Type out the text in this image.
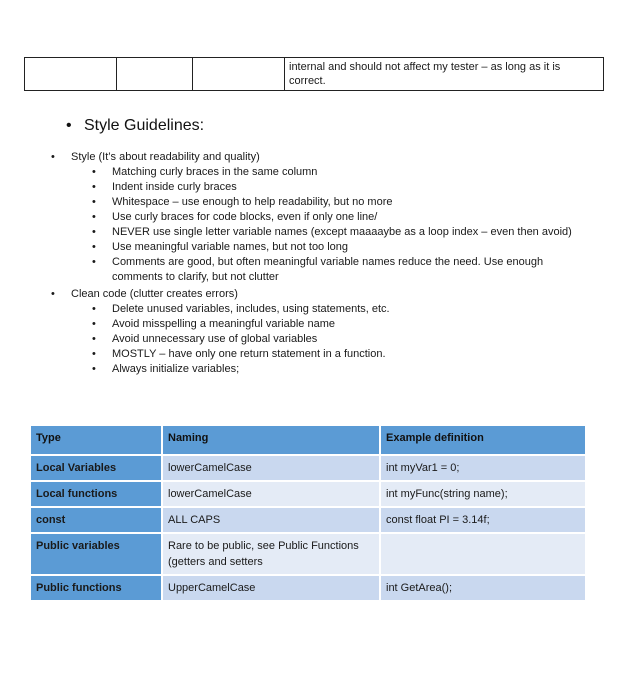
			internal and should not affect my tester – as long as it is correct.
• Style Guidelines:
• Style (It’s about readability and quality)
• Matching curly braces in the same column
• Indent inside curly braces
• Whitespace – use enough to help readability, but no more
• Use curly braces for code blocks, even if only one line/
• NEVER use single letter variable names (except maaaaybe as a loop index – even then avoid)
• Use meaningful variable names, but not too long
• Comments are good, but often meaningful variable names reduce the need. Use enough comments to clarify, but not clutter
• Clean code (clutter creates errors)
• Delete unused variables, includes, using statements, etc.
• Avoid misspelling a meaningful variable name
• Avoid unnecessary use of global variables
• MOSTLY – have only one return statement in a function.
• Always initialize variables;
Type	Naming	Example definition
Local Variables	lowerCamelCase	int myVar1 = 0;
Local functions	lowerCamelCase	int myFunc(string name);
const	ALL CAPS	const float PI = 3.14f;
Public variables	Rare to be public, see Public Functions (getters and setters	
Public functions	UpperCamelCase	int GetArea();
